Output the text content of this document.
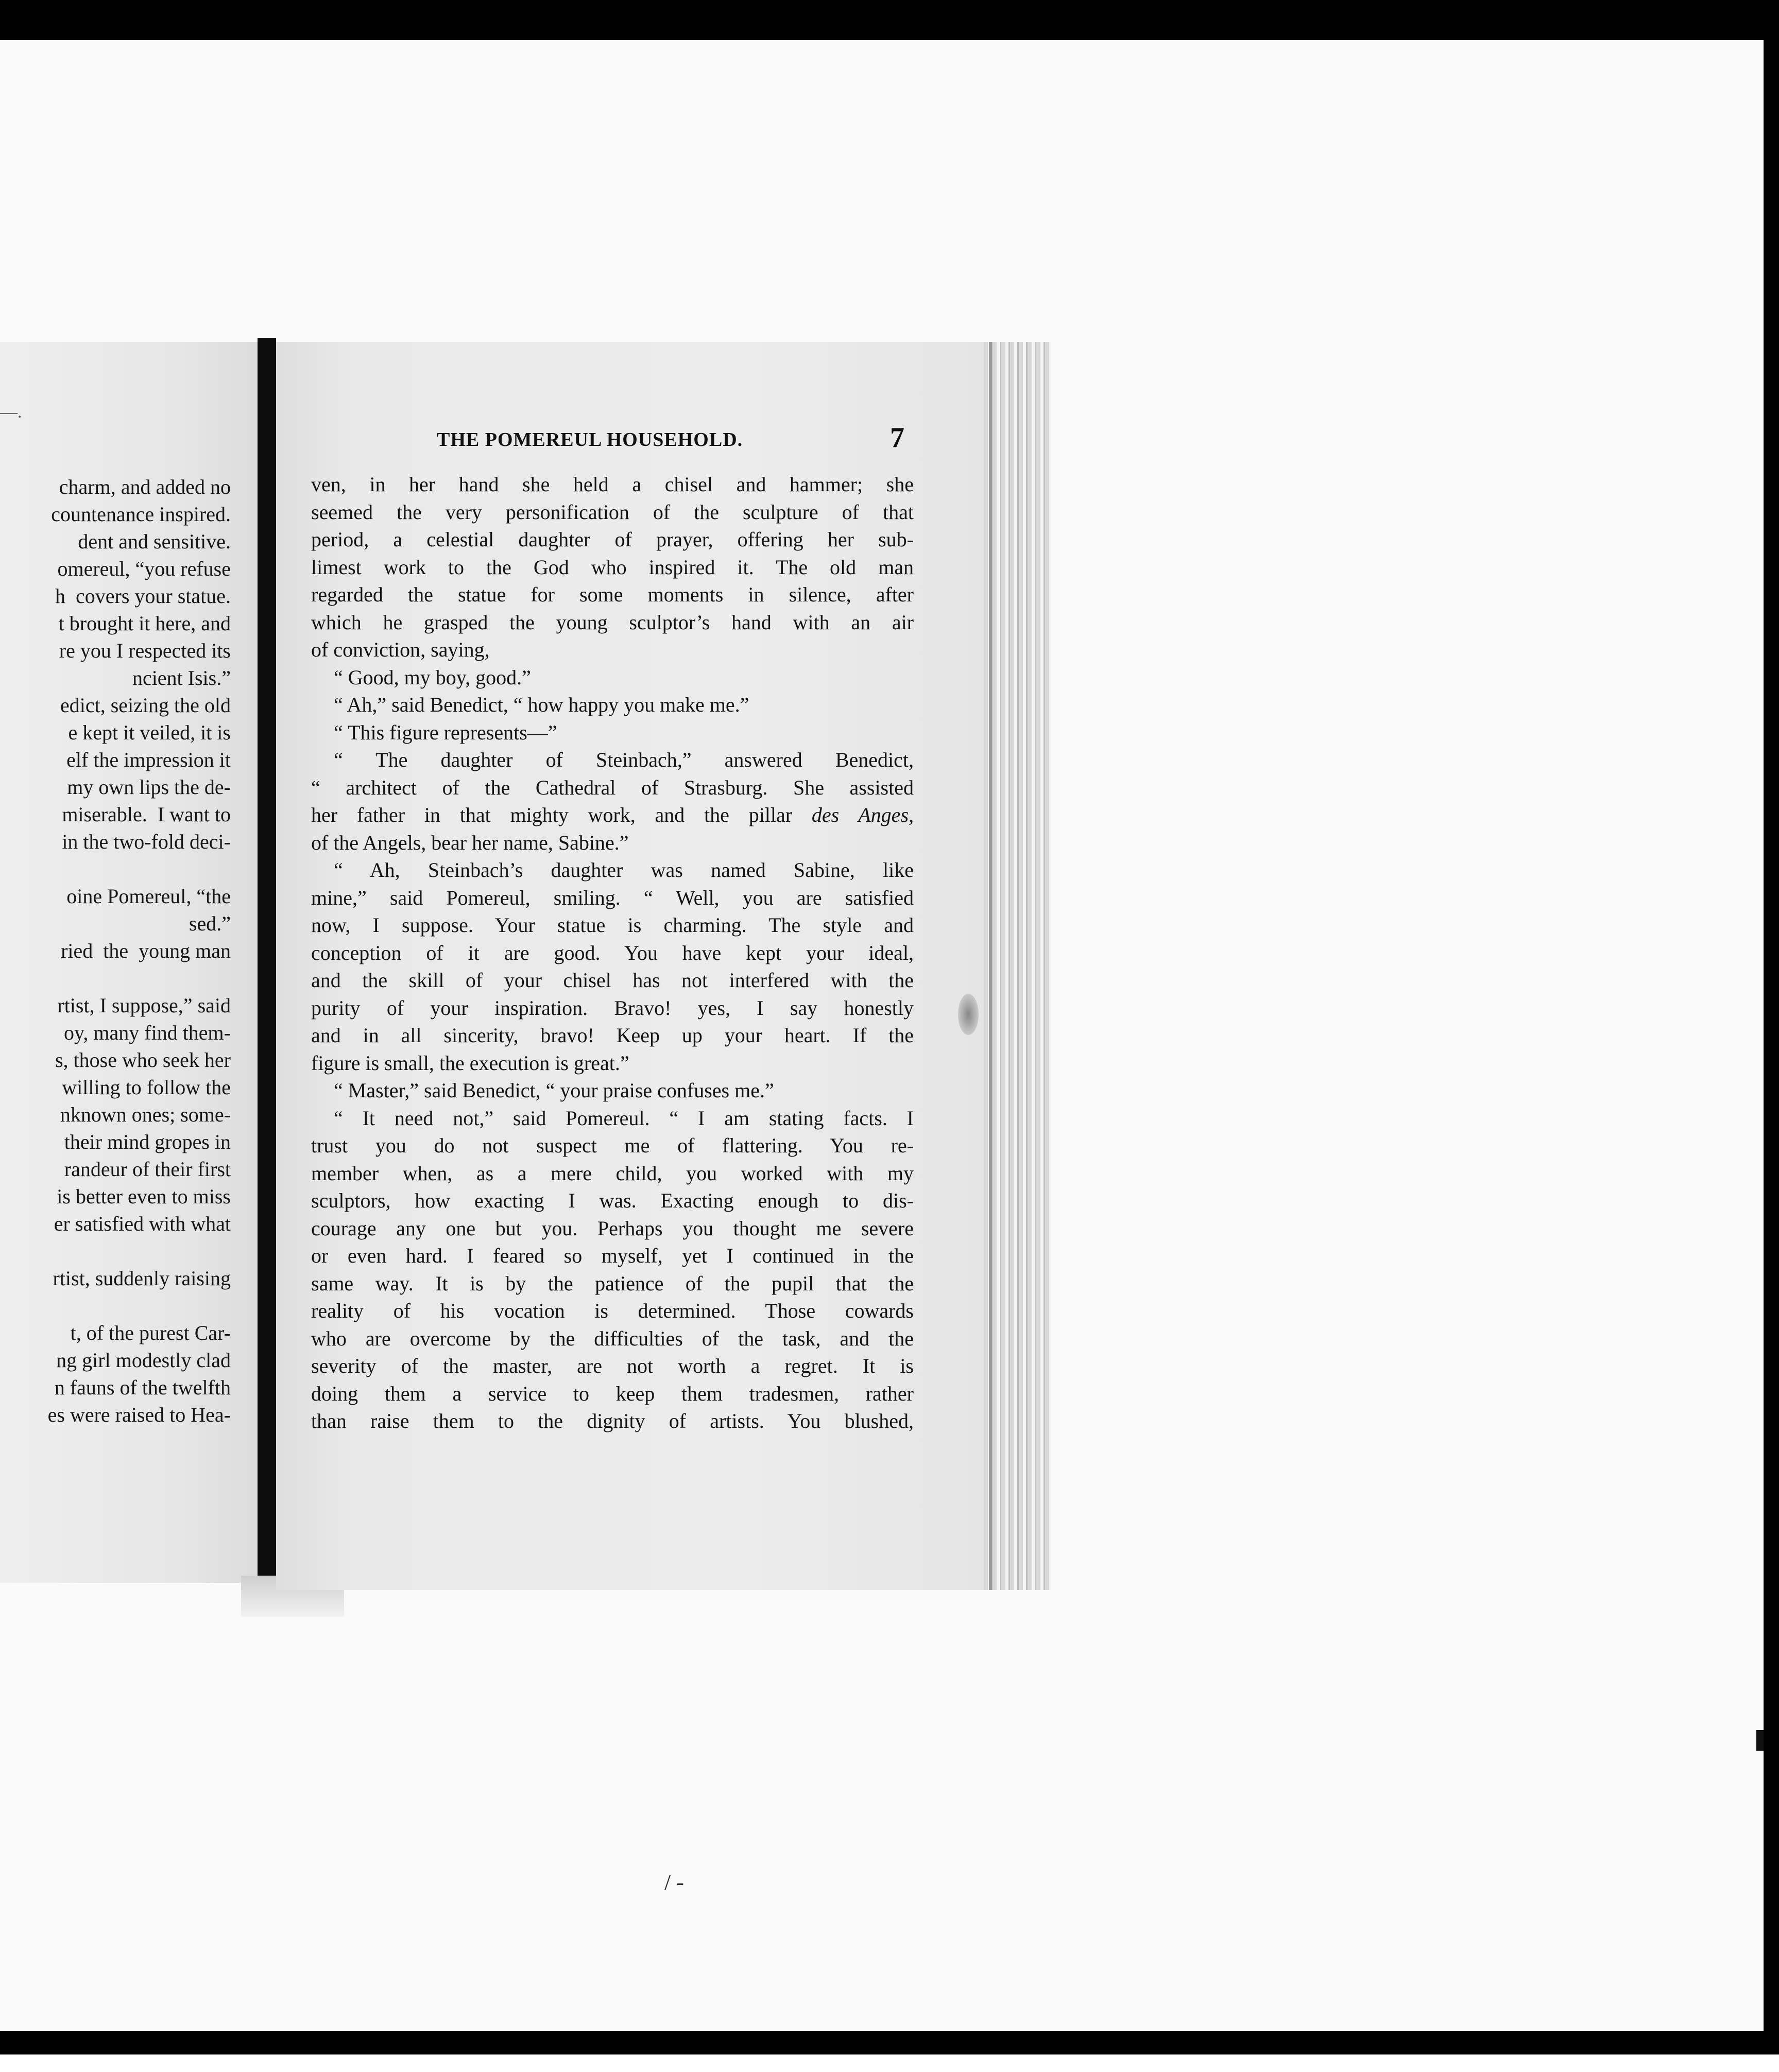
—.
charm, and added no
countenance inspired.
dent and sensitive.
omereul, “you refuse
h  covers your statue.
t brought it here, and
re you I respected its
ncient Isis.”
edict, seizing the old
e kept it veiled, it is
elf the impression it
my own lips the de-
miserable.  I want to
in the two-fold deci-
oine Pomereul, “the
sed.”
ried  the  young man
rtist, I suppose,” said
oy, many find them-
s, those who seek her
willing to follow the
nknown ones; some-
their mind gropes in
randeur of their first
is better even to miss
er satisfied with what
rtist, suddenly raising
t, of the purest Car-
ng girl modestly clad
n fauns of the twelfth
es were raised to Hea-
THE POMEREUL HOUSEHOLD.	7
ven, in her hand she held a chisel and hammer; she
seemed the very personification of the sculpture of that
period, a celestial daughter of prayer, offering her sub-
limest work to the God who inspired it. The old man
regarded the statue for some moments in silence, after
which he grasped the young sculptor’s hand with an air
of conviction, saying,
“ Good, my boy, good.”
“ Ah,” said Benedict, “ how happy you make me.”
“ This figure represents—”
“ The daughter of Steinbach,” answered Benedict,
“ architect of the Cathedral of Strasburg. She assisted
her father in that mighty work, and the pillar des Anges,
of the Angels, bear her name, Sabine.”
“ Ah, Steinbach’s daughter was named Sabine, like
mine,” said Pomereul, smiling. “ Well, you are satisfied
now, I suppose. Your statue is charming. The style and
conception of it are good. You have kept your ideal,
and the skill of your chisel has not interfered with the
purity of your inspiration. Bravo! yes, I say honestly
and in all sincerity, bravo! Keep up your heart. If the
figure is small, the execution is great.”
“ Master,” said Benedict, “ your praise confuses me.”
“ It need not,” said Pomereul. “ I am stating facts. I
trust you do not suspect me of flattering. You re-
member when, as a mere child, you worked with my
sculptors, how exacting I was. Exacting enough to dis-
courage any one but you. Perhaps you thought me severe
or even hard. I feared so myself, yet I continued in the
same way. It is by the patience of the pupil that the
reality of his vocation is determined. Those cowards
who are overcome by the difficulties of the task, and the
severity of the master, are not worth a regret. It is
doing them a service to keep them tradesmen, rather
than raise them to the dignity of artists. You blushed,
/ -
